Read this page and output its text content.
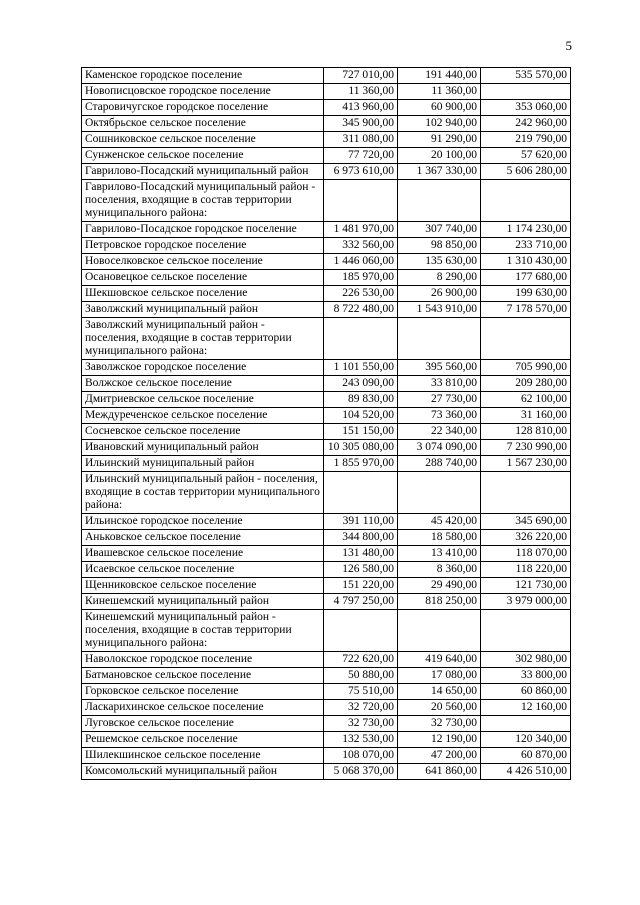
5
Каменское городское поселение	727 010,00	191 440,00	535 570,00
Новописцовское городское поселение	11 360,00	11 360,00	
Старовичугское городское поселение	413 960,00	60 900,00	353 060,00
Октябрьское сельское поселение	345 900,00	102 940,00	242 960,00
Сошниковское сельское поселение	311 080,00	91 290,00	219 790,00
Сунженское сельское поселение	77 720,00	20 100,00	57 620,00
Гаврилово-Посадский муниципальный район	6 973 610,00	1 367 330,00	5 606 280,00
Гаврилово-Посадский муниципальный район - поселения, входящие в состав территории муниципального района:			
Гаврилово-Посадское городское поселение	1 481 970,00	307 740,00	1 174 230,00
Петровское городское поселение	332 560,00	98 850,00	233 710,00
Новоселковское сельское поселение	1 446 060,00	135 630,00	1 310 430,00
Осановецкое сельское поселение	185 970,00	8 290,00	177 680,00
Шекшовское сельское поселение	226 530,00	26 900,00	199 630,00
Заволжский муниципальный район	8 722 480,00	1 543 910,00	7 178 570,00
Заволжский муниципальный район - поселения, входящие в состав территории муниципального района:			
Заволжское городское поселение	1 101 550,00	395 560,00	705 990,00
Волжское сельское поселение	243 090,00	33 810,00	209 280,00
Дмитриевское сельское поселение	89 830,00	27 730,00	62 100,00
Междуреченское сельское поселение	104 520,00	73 360,00	31 160,00
Сосневское сельское поселение	151 150,00	22 340,00	128 810,00
Ивановский муниципальный район	10 305 080,00	3 074 090,00	7 230 990,00
Ильинский муниципальный район	1 855 970,00	288 740,00	1 567 230,00
Ильинский муниципальный район - поселения, входящие в состав территории муниципального района:			
Ильинское городское поселение	391 110,00	45 420,00	345 690,00
Аньковское сельское поселение	344 800,00	18 580,00	326 220,00
Ивашевское сельское поселение	131 480,00	13 410,00	118 070,00
Исаевское сельское поселение	126 580,00	8 360,00	118 220,00
Щенниковское сельское поселение	151 220,00	29 490,00	121 730,00
Кинешемский муниципальный район	4 797 250,00	818 250,00	3 979 000,00
Кинешемский муниципальный район - поселения, входящие в состав территории муниципального района:			
Наволокское городское поселение	722 620,00	419 640,00	302 980,00
Батмановское сельское поселение	50 880,00	17 080,00	33 800,00
Горковское сельское поселение	75 510,00	14 650,00	60 860,00
Ласкарихинское сельское поселение	32 720,00	20 560,00	12 160,00
Луговское сельское поселение	32 730,00	32 730,00	
Решемское сельское поселение	132 530,00	12 190,00	120 340,00
Шилекшинское сельское поселение	108 070,00	47 200,00	60 870,00
Комсомольский муниципальный район	5 068 370,00	641 860,00	4 426 510,00
